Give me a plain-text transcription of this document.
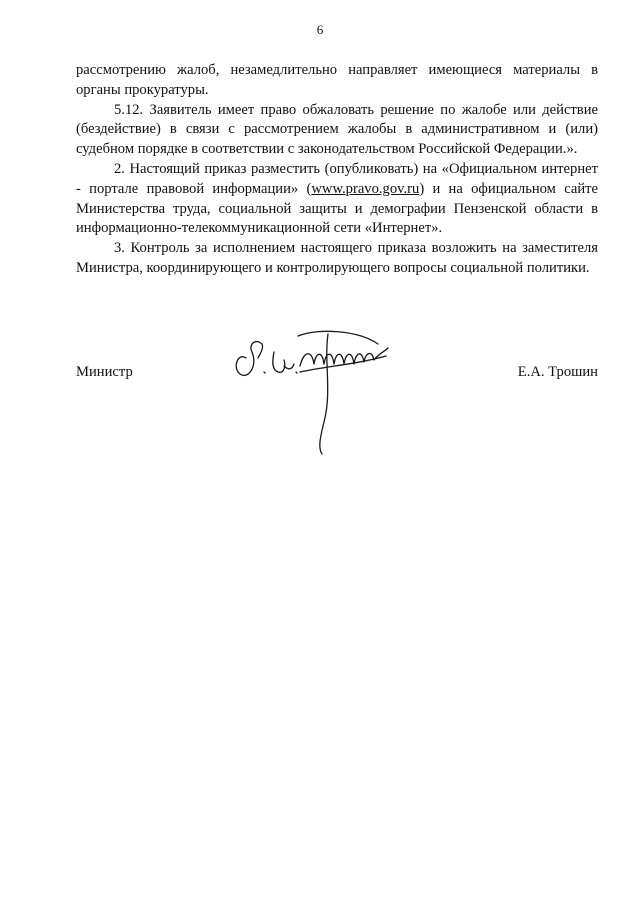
6

рассмотрению жалоб, незамедлительно направляет имеющиеся материалы в органы прокуратуры.

5.12. Заявитель имеет право обжаловать решение по жалобе или действие (бездействие) в связи с рассмотрением жалобы в административном и (или) судебном порядке в соответствии с законодательством Российской Федерации.».

2. Настоящий приказ разместить (опубликовать) на «Официальном интернет - портале правовой информации» (www.pravo.gov.ru) и на официальном сайте Министерства труда, социальной защиты и демографии Пензенской области в информационно-телекоммуникационной сети «Интернет».

3. Контроль за исполнением настоящего приказа возложить на заместителя Министра, координирующего и контролирующего вопросы социальной политики.

Министр	Е.А. Трошин
